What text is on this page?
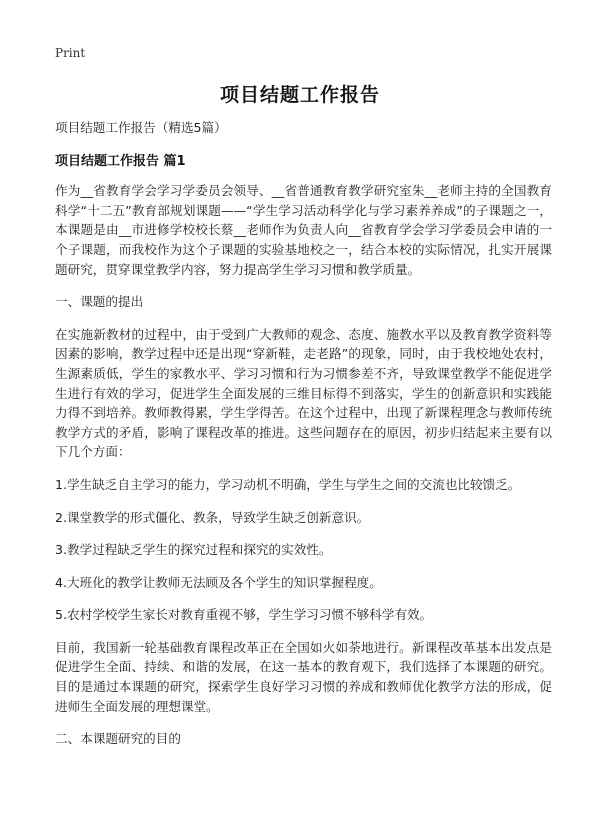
Print
项目结题工作报告

项目结题工作报告（精选5篇）

项目结题工作报告 篇1

作为__省教育学会学习学委员会领导、__省普通教育教学研究室朱__老师主持的全国教育科学“十二五”教育部规划课题——“学生学习活动科学化与学习素养养成”的子课题之一，本课题是由__市进修学校校长蔡__老师作为负责人向__省教育学会学习学委员会申请的一个子课题，而我校作为这个子课题的实验基地校之一，结合本校的实际情况，扎实开展课题研究，贯穿课堂教学内容，努力提高学生学习习惯和教学质量。

一、课题的提出

在实施新教材的过程中，由于受到广大教师的观念、态度、施教水平以及教育教学资料等因素的影响，教学过程中还是出现“穿新鞋，走老路”的现象，同时，由于我校地处农村，生源素质低，学生的家教水平、学习习惯和行为习惯参差不齐，导致课堂教学不能促进学生进行有效的学习，促进学生全面发展的三维目标得不到落实，学生的创新意识和实践能力得不到培养。教师教得累，学生学得苦。在这个过程中，出现了新课程理念与教师传统教学方式的矛盾，影响了课程改革的推进。这些问题存在的原因，初步归结起来主要有以下几个方面：

1.学生缺乏自主学习的能力，学习动机不明确，学生与学生之间的交流也比较馈乏。

2.课堂教学的形式僵化、教条，导致学生缺乏创新意识。

3.教学过程缺乏学生的探究过程和探究的实效性。

4.大班化的教学让教师无法顾及各个学生的知识掌握程度。

5.农村学校学生家长对教育重视不够，学生学习习惯不够科学有效。

目前，我国新一轮基础教育课程改革正在全国如火如荼地进行。新课程改革基本出发点是促进学生全面、持续、和谐的发展，在这一基本的教育观下，我们选择了本课题的研究。目的是通过本课题的研究，探索学生良好学习习惯的养成和教师优化教学方法的形成，促进师生全面发展的理想课堂。

二、本课题研究的目的
